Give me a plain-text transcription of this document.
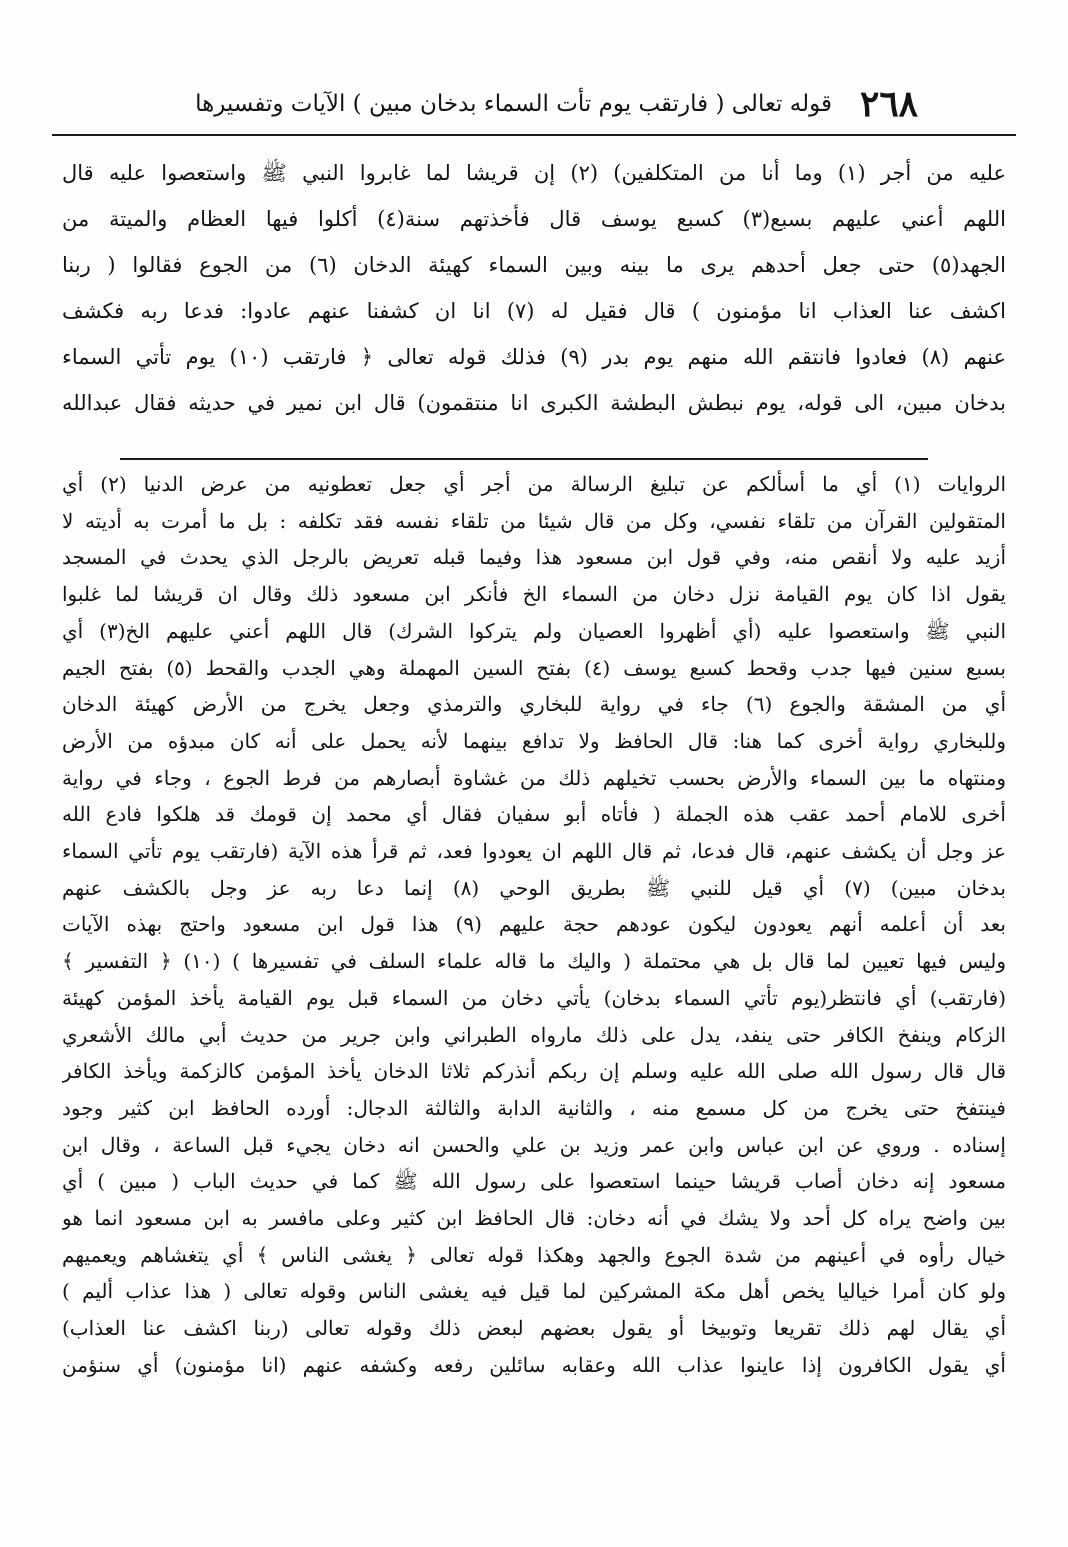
٢٦٨
قوله تعالى ( فارتقب يوم تأت السماء بدخان مبين ) الآيات وتفسيرها
عليه من أجر (١) وما أنا من المتكلفين) (٢) إن قريشا لما غابروا النبي ﷺ واستعصوا عليه قال
اللهم أعني عليهم بسبع(٣) كسبع يوسف قال فأخذتهم سنة(٤) أكلوا فيها العظام والميتة من
الجهد(٥) حتى جعل أحدهم يرى ما بينه وبين السماء كهيئة الدخان (٦) من الجوع فقالوا ( ربنا
اكشف عنا العذاب انا مؤمنون ) قال فقيل له (٧) انا ان كشفنا عنهم عادوا: فدعا ربه فكشف
عنهم (٨) فعادوا فانتقم الله منهم يوم بدر (٩) فذلك قوله تعالى ﴿ فارتقب (١٠) يوم تأتي السماء
بدخان مبين، الى قوله، يوم نبطش البطشة الكبرى انا منتقمون) قال ابن نمير في حديثه فقال عبدالله
الروايات (١) أي ما أسألكم عن تبليغ الرسالة من أجر أي جعل تعطونيه من عرض الدنيا (٢) أي
المتقولين القرآن من تلقاء نفسي، وكل من قال شيئا من تلقاء نفسه فقد تكلفه : بل ما أمرت به أديته لا
أزيد عليه ولا أنقص منه، وفي قول ابن مسعود هذا وفيما قبله تعريض بالرجل الذي يحدث في المسجد
يقول اذا كان يوم القيامة نزل دخان من السماء الخ فأنكر ابن مسعود ذلك وقال ان قريشا لما غلبوا
النبي ﷺ واستعصوا عليه (أي أظهروا العصيان ولم يتركوا الشرك) قال اللهم أعني عليهم الخ(٣) أي
بسبع سنين فيها جدب وقحط كسبع يوسف (٤) بفتح السين المهملة وهي الجدب والقحط (٥) بفتح الجيم
أي من المشقة والجوع (٦) جاء في رواية للبخاري والترمذي وجعل يخرج من الأرض كهيئة الدخان
وللبخاري رواية أخرى كما هنا: قال الحافظ ولا تدافع بينهما لأنه يحمل على أنه كان مبدؤه من الأرض
ومنتهاه ما بين السماء والأرض بحسب تخيلهم ذلك من غشاوة أبصارهم من فرط الجوع ، وجاء في رواية
أخرى للامام أحمد عقب هذه الجملة ( فأتاه أبو سفيان فقال أي محمد إن قومك قد هلكوا فادع الله
عز وجل أن يكشف عنهم، قال فدعا، ثم قال اللهم ان يعودوا فعد، ثم قرأ هذه الآية (فارتقب يوم تأتي السماء
بدخان مبين) (٧) أي قيل للنبي ﷺ بطريق الوحي (٨) إنما دعا ربه عز وجل بالكشف عنهم
بعد أن أعلمه أنهم يعودون ليكون عودهم حجة عليهم (٩) هذا قول ابن مسعود واحتج بهذه الآيات
وليس فيها تعيين لما قال بل هي محتملة ( واليك ما قاله علماء السلف في تفسيرها ) (١٠) ﴿ التفسير ﴾
(فارتقب) أي فانتظر(يوم تأتي السماء بدخان) يأتي دخان من السماء قبل يوم القيامة يأخذ المؤمن كهيئة
الزكام وينفخ الكافر حتى ينفد، يدل على ذلك مارواه الطبراني وابن جرير من حديث أبي مالك الأشعري
قال قال رسول الله صلى الله عليه وسلم إن ربكم أنذركم ثلاثا الدخان يأخذ المؤمن كالزكمة ويأخذ الكافر
فينتفخ حتى يخرج من كل مسمع منه ، والثانية الدابة والثالثة الدجال: أورده الحافظ ابن كثير وجود
إسناده . وروي عن ابن عباس وابن عمر وزيد بن علي والحسن انه دخان يجيء قبل الساعة ، وقال ابن
مسعود إنه دخان أصاب قريشا حينما استعصوا على رسول الله ﷺ كما في حديث الباب ( مبين ) أي
بين واضح يراه كل أحد ولا يشك في أنه دخان: قال الحافظ ابن كثير وعلى مافسر به ابن مسعود انما هو
خيال رأوه في أعينهم من شدة الجوع والجهد وهكذا قوله تعالى ﴿ يغشى الناس ﴾ أي يتغشاهم ويعميهم
ولو كان أمرا خياليا يخص أهل مكة المشركين لما قيل فيه يغشى الناس وقوله تعالى ( هذا عذاب أليم )
أي يقال لهم ذلك تقريعا وتوبيخا أو يقول بعضهم لبعض ذلك وقوله تعالى (ربنا اكشف عنا العذاب)
أي يقول الكافرون إذا عاينوا عذاب الله وعقابه سائلين رفعه وكشفه عنهم (انا مؤمنون) أي سنؤمن
